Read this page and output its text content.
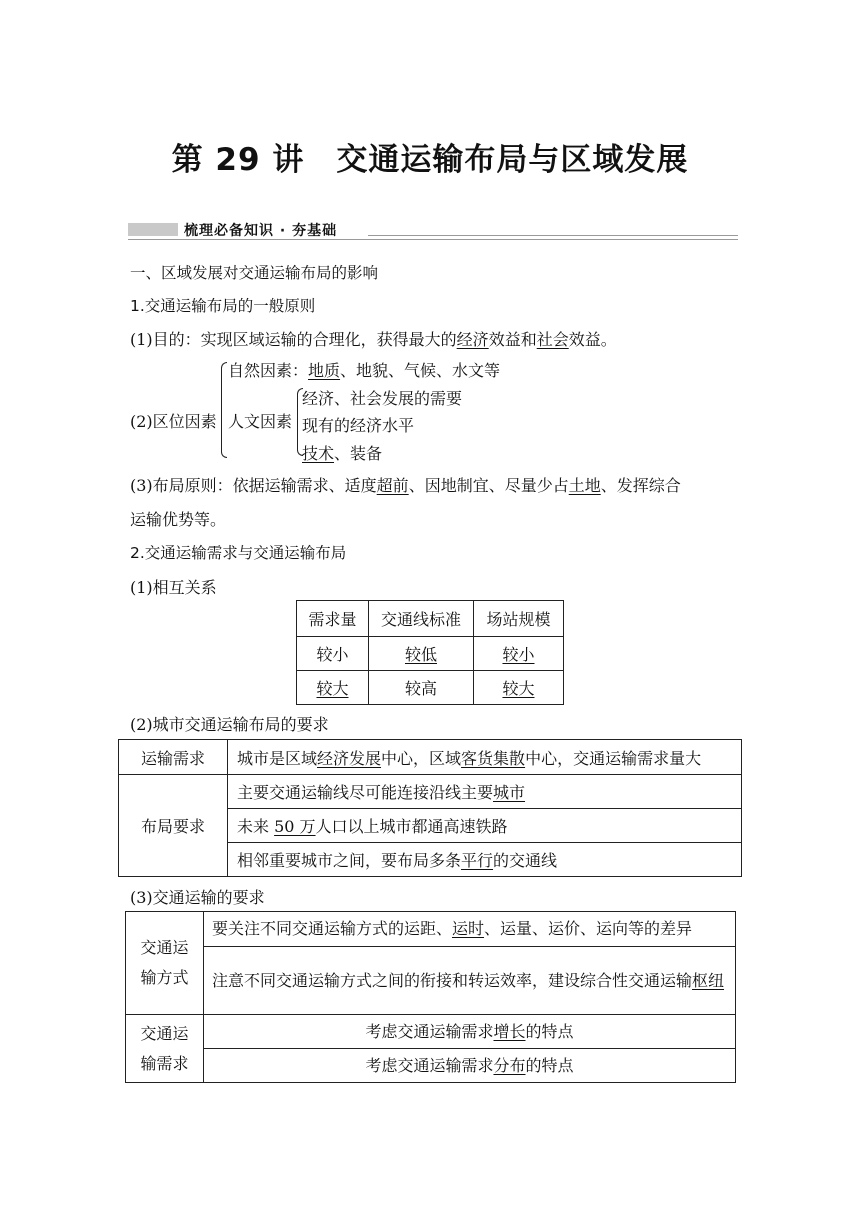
第 29 讲　交通运输布局与区域发展
梳理必备知识 · 夯基础
一、区域发展对交通运输布局的影响
1.交通运输布局的一般原则
(1)目的：实现区域运输的合理化，获得最大的经济效益和社会效益。
(2)区位因素
自然因素：地质、地貌、气候、水文等
人文因素
经济、社会发展的需要
现有的经济水平
技术、装备
(3)布局原则：依据运输需求、适度超前、因地制宜、尽量少占土地、发挥综合
运输优势等。
2.交通运输需求与交通运输布局
(1)相互关系
需求量	交通线标准	场站规模
较小	较低	较小
较大	较高	较大
(2)城市交通运输布局的要求
运输需求	城市是区域经济发展中心，区域客货集散中心，交通运输需求量大
布局要求	主要交通运输线尽可能连接沿线主要城市
	未来 50 万人口以上城市都通高速铁路
	相邻重要城市之间，要布局多条平行的交通线
(3)交通运输的要求
交通运
输方式	要关注不同交通运输方式的运距、运时、运量、运价、运向等的差异
	注意不同交通运输方式之间的衔接和转运效率，建设综合性交通运输枢纽
交通运
输需求	考虑交通运输需求增长的特点
	考虑交通运输需求分布的特点
